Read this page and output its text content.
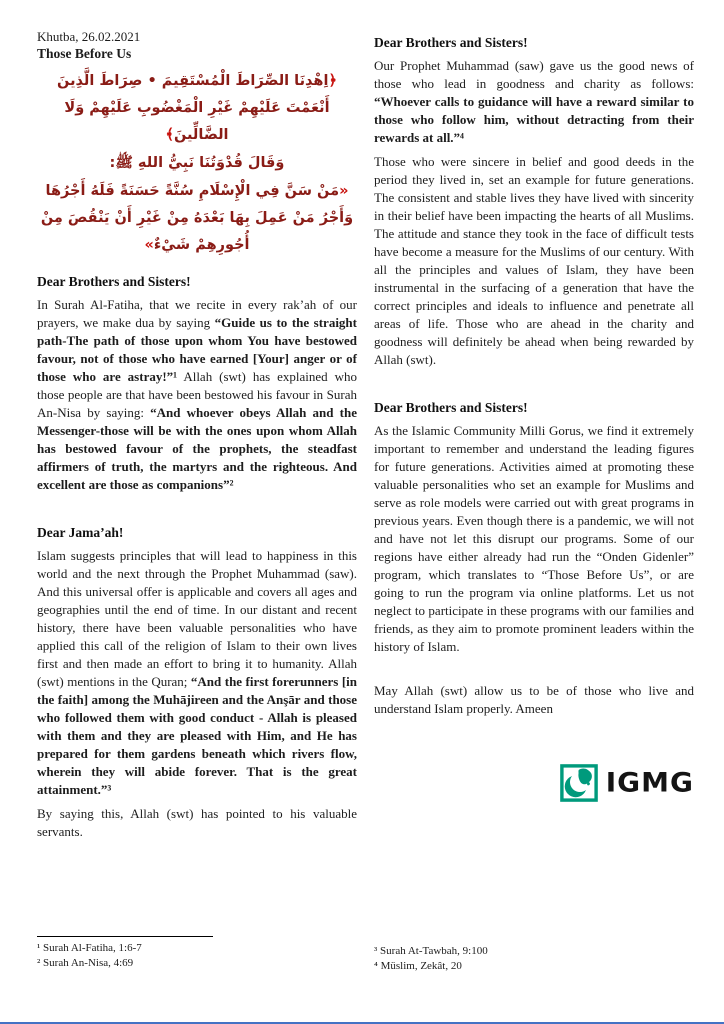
Khutba, 26.02.2021
Those Before Us

﴿اِهْدِنَا الصِّرَاطَ الْمُسْتَقِيمَ • صِرَاطَ الَّذِينَ أَنْعَمْتَ عَلَيْهِمْ غَيْرِ الْمَغْضُوبِ عَلَيْهِمْ وَلَا الضَّالِّينَ﴾

وَقَالَ قُدْوَتُنَا نَبِيُّ اللهِ ﷺ:

«مَنْ سَنَّ فِي الْإِسْلَامِ سُنَّةً حَسَنَةً فَلَهُ أَجْرُهَا وَأَجْرُ مَنْ عَمِلَ بِهَا بَعْدَهُ مِنْ غَيْرِ أَنْ يَنْقُصَ مِنْ أُجُورِهِمْ شَيْءٌ»

Dear Brothers and Sisters!

In Surah Al-Fatiha, that we recite in every rak’ah of our prayers, we make dua by saying “Guide us to the straight path-The path of those upon whom You have bestowed favour, not of those who have earned [Your] anger or of those who are astray!”¹ Allah (swt) has explained who those people are that have been bestowed his favour in Surah An-Nisa by saying: “And whoever obeys Allah and the Messenger-those will be with the ones upon whom Allah has bestowed favour of the prophets, the steadfast affirmers of truth, the martyrs and the righteous. And excellent are those as companions”²

Dear Jama’ah!

Islam suggests principles that will lead to happiness in this world and the next through the Prophet Muhammad (saw). And this universal offer is applicable and covers all ages and geographies until the end of time. In our distant and recent history, there have been valuable personalities who have applied this call of the religion of Islam to their own lives first and then made an effort to bring it to humanity. Allah (swt) mentions in the Quran; “And the first forerunners [in the faith] among the Muhājireen and the Anşār and those who followed them with good conduct - Allah is pleased with them and they are pleased with Him, and He has prepared for them gardens beneath which rivers flow, wherein they will abide forever. That is the great attainment.”³

By saying this, Allah (swt) has pointed to his valuable servants.

Dear Brothers and Sisters!

Our Prophet Muhammad (saw) gave us the good news of those who lead in goodness and charity as follows: “Whoever calls to guidance will have a reward similar to those who follow him, without detracting from their rewards at all.”⁴

Those who were sincere in belief and good deeds in the period they lived in, set an example for future generations. The consistent and stable lives they have lived with sincerity in their belief have been impacting the hearts of all Muslims. The attitude and stance they took in the face of difficult tests have become a measure for the Muslims of our century. With all the principles and values of Islam, they have been instrumental in the surfacing of a generation that have the correct principles and ideals to influence and penetrate all areas of life. Those who are ahead in the charity and goodness will definitely be ahead when being rewarded by Allah (swt).

Dear Brothers and Sisters!

As the Islamic Community Milli Gorus, we find it extremely important to remember and understand the leading figures for future generations. Activities aimed at promoting these valuable personalities who set an example for Muslims and serve as role models were carried out with great programs in previous years. Even though there is a pandemic, we will not and have not let this disrupt our programs. Some of our regions have either already had run the “Onden Gidenler” program, which translates to “Those Before Us”, or are going to run the program via online platforms. Let us not neglect to participate in these programs with our families and friends, as they aim to promote prominent leaders within the history of Islam.

May Allah (swt) allow us to be of those who live and understand Islam properly. Ameen

IGMG

¹ Surah Al-Fatiha, 1:6-7

² Surah An-Nisa, 4:69

³ Surah At-Tawbah, 9:100

⁴ Müslim, Zekât, 20
